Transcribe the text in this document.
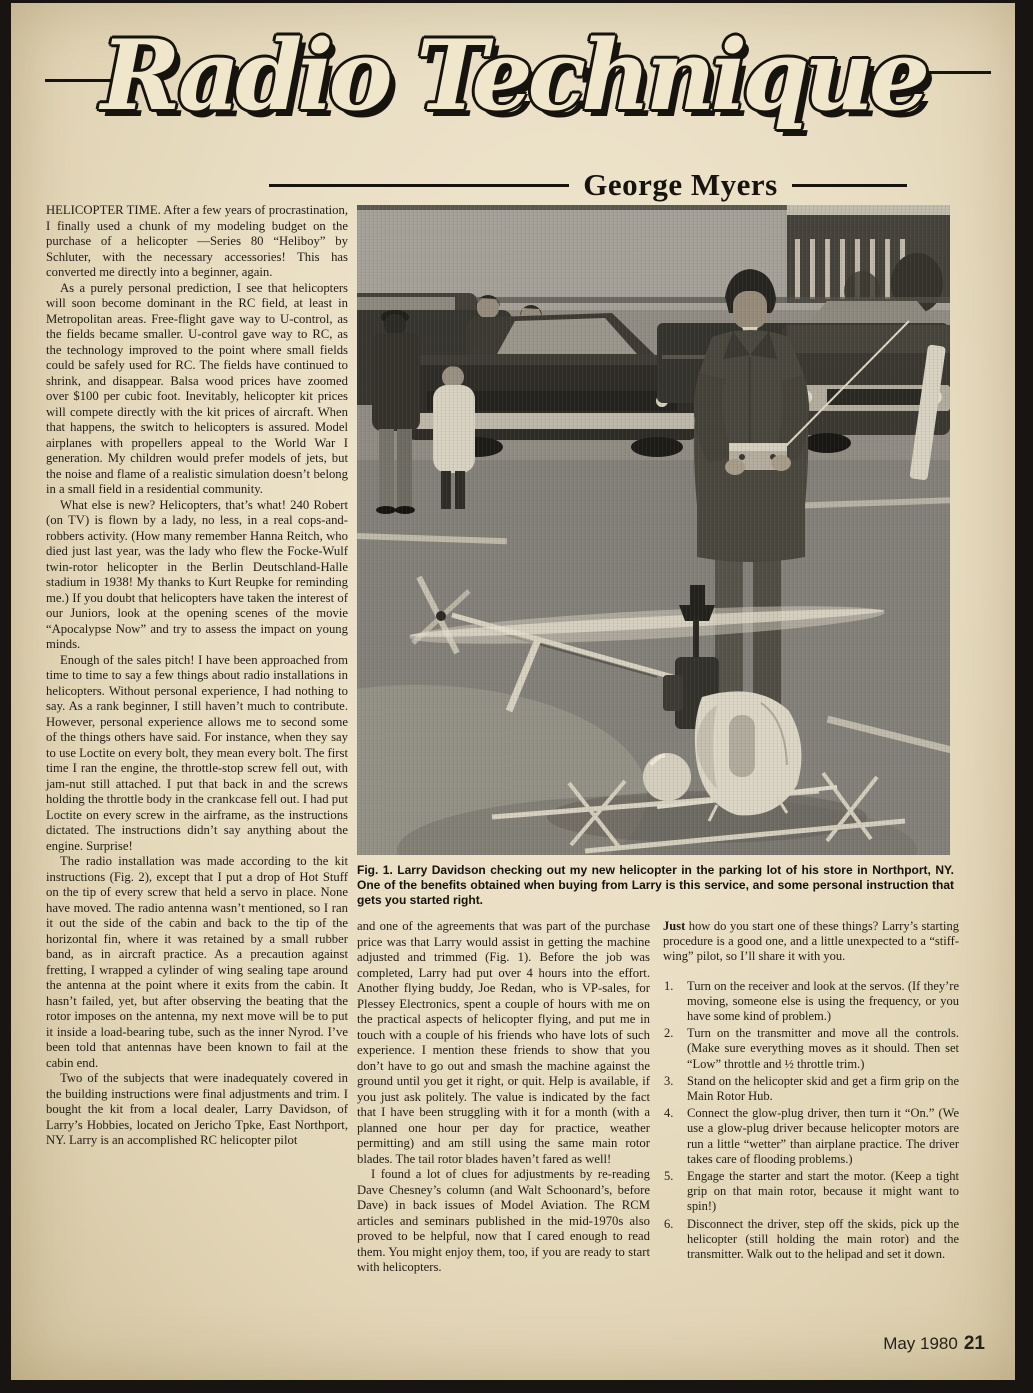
Radio Technique
George Myers

HELICOPTER TIME. After a few years of procrastination, I finally used a chunk of my modeling budget on the purchase of a helicopter —Series 80 “Heliboy” by Schluter, with the necessary accessories! This has converted me directly into a beginner, again.

As a purely personal prediction, I see that helicopters will soon become dominant in the RC field, at least in Metropolitan areas. Free-flight gave way to U-control, as the fields became smaller. U-control gave way to RC, as the technology improved to the point where small fields could be safely used for RC. The fields have continued to shrink, and disappear. Balsa wood prices have zoomed over $100 per cubic foot. Inevitably, helicopter kit prices will compete directly with the kit prices of aircraft. When that happens, the switch to helicopters is assured. Model airplanes with propellers appeal to the World War I generation. My children would prefer models of jets, but the noise and flame of a realistic simulation doesn’t belong in a small field in a residential community.

What else is new? Helicopters, that’s what! 240 Robert (on TV) is flown by a lady, no less, in a real cops-and-robbers activity. (How many remember Hanna Reitch, who died just last year, was the lady who flew the Focke-Wulf twin-rotor helicopter in the Berlin Deutschland-Halle stadium in 1938! My thanks to Kurt Reupke for reminding me.) If you doubt that helicopters have taken the interest of our Juniors, look at the opening scenes of the movie “Apocalypse Now” and try to assess the impact on young minds.

Enough of the sales pitch! I have been approached from time to time to say a few things about radio installations in helicopters. Without personal experience, I had nothing to say. As a rank beginner, I still haven’t much to contribute. However, personal experience allows me to second some of the things others have said. For instance, when they say to use Loctite on every bolt, they mean every bolt. The first time I ran the engine, the throttle-stop screw fell out, with jam-nut still attached. I put that back in and the screws holding the throttle body in the crankcase fell out. I had put Loctite on every screw in the airframe, as the instructions dictated. The instructions didn’t say anything about the engine. Surprise!

The radio installation was made according to the kit instructions (Fig. 2), except that I put a drop of Hot Stuff on the tip of every screw that held a servo in place. None have moved. The radio antenna wasn’t mentioned, so I ran it out the side of the cabin and back to the tip of the horizontal fin, where it was retained by a small rubber band, as in aircraft practice. As a precaution against fretting, I wrapped a cylinder of wing sealing tape around the antenna at the point where it exits from the cabin. It hasn’t failed, yet, but after observing the beating that the rotor imposes on the antenna, my next move will be to put it inside a load-bearing tube, such as the inner Nyrod. I’ve been told that antennas have been known to fail at the cabin end.

Two of the subjects that were inadequately covered in the building instructions were final adjustments and trim. I bought the kit from a local dealer, Larry Davidson, of Larry’s Hobbies, located on Jericho Tpke, East Northport, NY. Larry is an accomplished RC helicopter pilot

Fig. 1. Larry Davidson checking out my new helicopter in the parking lot of his store in Northport, NY. One of the benefits obtained when buying from Larry is this service, and some personal instruction that gets you started right.

and one of the agreements that was part of the purchase price was that Larry would assist in getting the machine adjusted and trimmed (Fig. 1). Before the job was completed, Larry had put over 4 hours into the effort. Another flying buddy, Joe Redan, who is VP-sales, for Plessey Electronics, spent a couple of hours with me on the practical aspects of helicopter flying, and put me in touch with a couple of his friends who have lots of such experience. I mention these friends to show that you don’t have to go out and smash the machine against the ground until you get it right, or quit. Help is available, if you just ask politely. The value is indicated by the fact that I have been struggling with it for a month (with a planned one hour per day for practice, weather permitting) and am still using the same main rotor blades. The tail rotor blades haven’t fared as well!

I found a lot of clues for adjustments by re-reading Dave Chesney’s column (and Walt Schoonard’s, before Dave) in back issues of Model Aviation. The RCM articles and seminars published in the mid-1970s also proved to be helpful, now that I cared enough to read them. You might enjoy them, too, if you are ready to start with helicopters.

Just how do you start one of these things? Larry’s starting procedure is a good one, and a little unexpected to a “stiff-wing” pilot, so I’ll share it with you.

Turn on the receiver and look at the servos. (If they’re moving, someone else is using the frequency, or you have some kind of problem.)
Turn on the transmitter and move all the controls. (Make sure everything moves as it should. Then set “Low” throttle and ½ throttle trim.)
Stand on the helicopter skid and get a firm grip on the Main Rotor Hub.
Connect the glow-plug driver, then turn it “On.” (We use a glow-plug driver because helicopter motors are run a little “wetter” than airplane practice. The driver takes care of flooding problems.)
Engage the starter and start the motor. (Keep a tight grip on that main rotor, because it might want to spin!)
Disconnect the driver, step off the skids, pick up the helicopter (still holding the main rotor) and the transmitter. Walk out to the helipad and set it down.
May 1980 21
